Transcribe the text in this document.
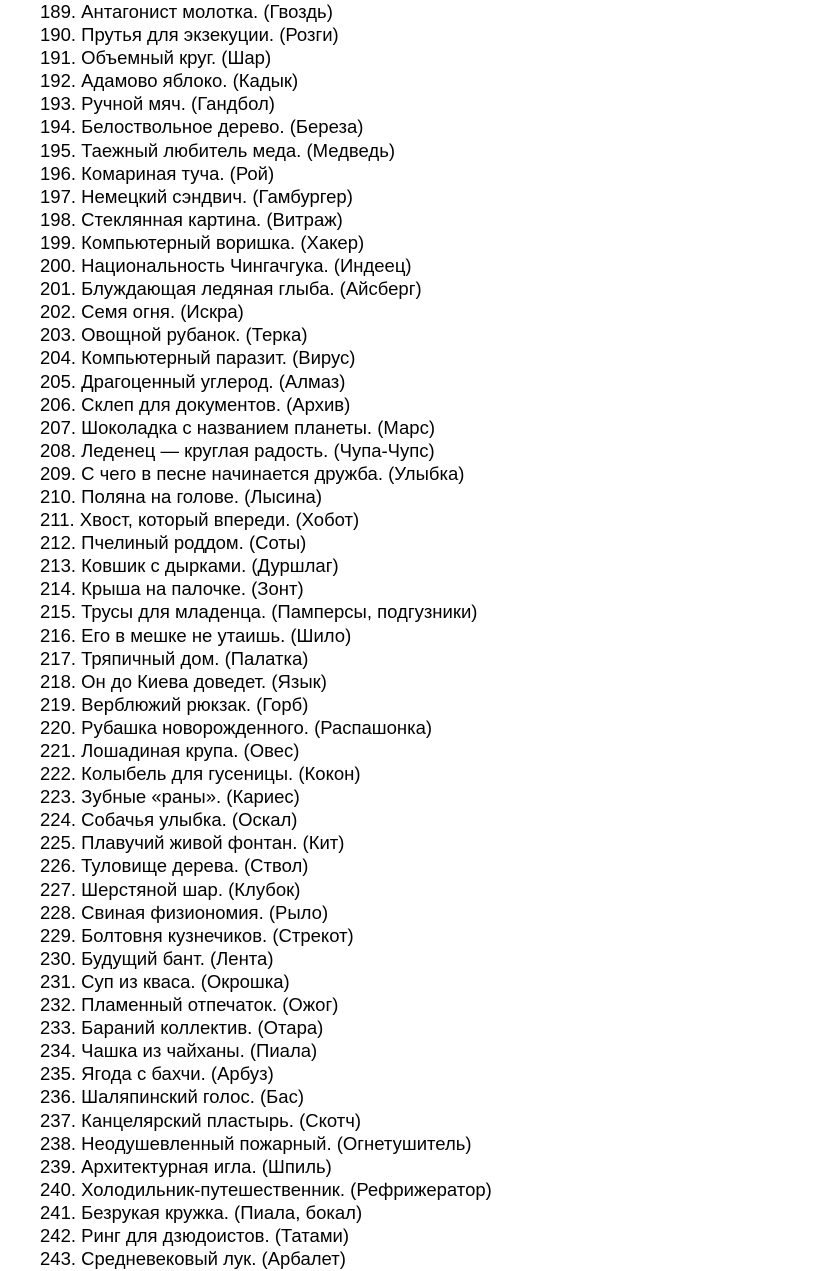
189. Антагонист молотка. (Гвоздь)
190. Прутья для экзекуции. (Розги)
191. Объемный круг. (Шар)
192. Адамово яблоко. (Кадык)
193. Ручной мяч. (Гандбол)
194. Белоствольное дерево. (Береза)
195. Таежный любитель меда. (Медведь)
196. Комариная туча. (Рой)
197. Немецкий сэндвич. (Гамбургер)
198. Стеклянная картина. (Витраж)
199. Компьютерный воришка. (Хакер)
200. Национальность Чингачгука. (Индеец)
201. Блуждающая ледяная глыба. (Айсберг)
202. Семя огня. (Искра)
203. Овощной рубанок. (Терка)
204. Компьютерный паразит. (Вирус)
205. Драгоценный углерод. (Алмаз)
206. Склеп для документов. (Архив)
207. Шоколадка с названием планеты. (Марс)
208. Леденец — круглая радость. (Чупа-Чупс)
209. С чего в песне начинается дружба. (Улыбка)
210. Поляна на голове. (Лысина)
211. Хвост, который впереди. (Хобот)
212. Пчелиный роддом. (Соты)
213. Ковшик с дырками. (Дуршлаг)
214. Крыша на палочке. (Зонт)
215. Трусы для младенца. (Памперсы, подгузники)
216. Его в мешке не утаишь. (Шило)
217. Тряпичный дом. (Палатка)
218. Он до Киева доведет. (Язык)
219. Верблюжий рюкзак. (Горб)
220. Рубашка новорожденного. (Распашонка)
221. Лошадиная крупа. (Овес)
222. Колыбель для гусеницы. (Кокон)
223. Зубные «раны». (Кариес)
224. Собачья улыбка. (Оскал)
225. Плавучий живой фонтан. (Кит)
226. Туловище дерева. (Ствол)
227. Шерстяной шар. (Клубок)
228. Свиная физиономия. (Рыло)
229. Болтовня кузнечиков. (Стрекот)
230. Будущий бант. (Лента)
231. Суп из кваса. (Окрошка)
232. Пламенный отпечаток. (Ожог)
233. Бараний коллектив. (Отара)
234. Чашка из чайханы. (Пиала)
235. Ягода с бахчи. (Арбуз)
236. Шаляпинский голос. (Бас)
237. Канцелярский пластырь. (Скотч)
238. Неодушевленный пожарный. (Огнетушитель)
239. Архитектурная игла. (Шпиль)
240. Холодильник-путешественник. (Рефрижератор)
241. Безрукая кружка. (Пиала, бокал)
242. Ринг для дзюдоистов. (Татами)
243. Средневековый лук. (Арбалет)
